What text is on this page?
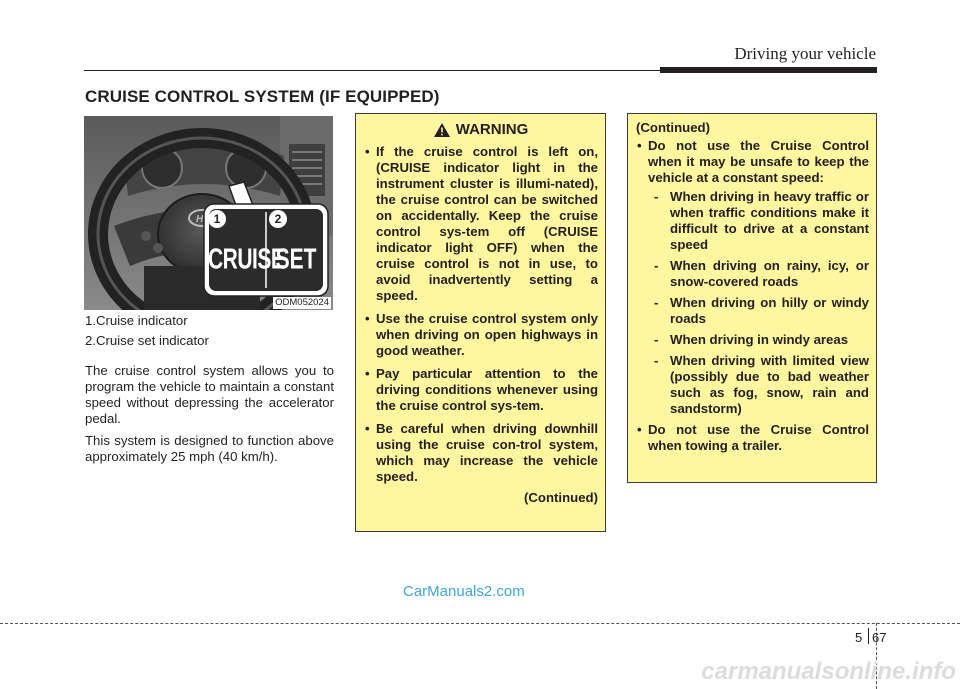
Driving your vehicle
CRUISE CONTROL SYSTEM (IF EQUIPPED)
H 1	2
CRUISE
SET
ODM052024

1.Cruise indicator

2.Cruise set indicator

The cruise control system allows you to program the vehicle to maintain a constant speed without depressing the accelerator pedal.

This system is designed to function above approximately 25 mph (40 km/h).

WARNING
• If the cruise control is left on, (CRUISE indicator light in the instrument cluster is illumi-nated), the cruise control can be switched on accidentally. Keep the cruise control sys-tem off (CRUISE indicator light OFF) when the cruise control is not in use, to avoid inadvertently setting a speed.
• Use the cruise control system only when driving on open highways in good weather.
• Pay particular attention to the driving conditions whenever using the cruise control sys-tem.
• Be careful when driving downhill using the cruise con-trol system, which may increase the vehicle speed.
(Continued)
(Continued)
• Do not use the Cruise Control when it may be unsafe to keep the vehicle at a constant speed:
- When driving in heavy traffic or when traffic conditions make it difficult to drive at a constant speed
- When driving on rainy, icy, or snow-covered roads
- When driving on hilly or windy roads
- When driving in windy areas
- When driving with limited view (possibly due to bad weather such as fog, snow, rain and sandstorm)
• Do not use the Cruise Control when towing a trailer.
CarManuals2.com
5 67
carmanualsonline.info
